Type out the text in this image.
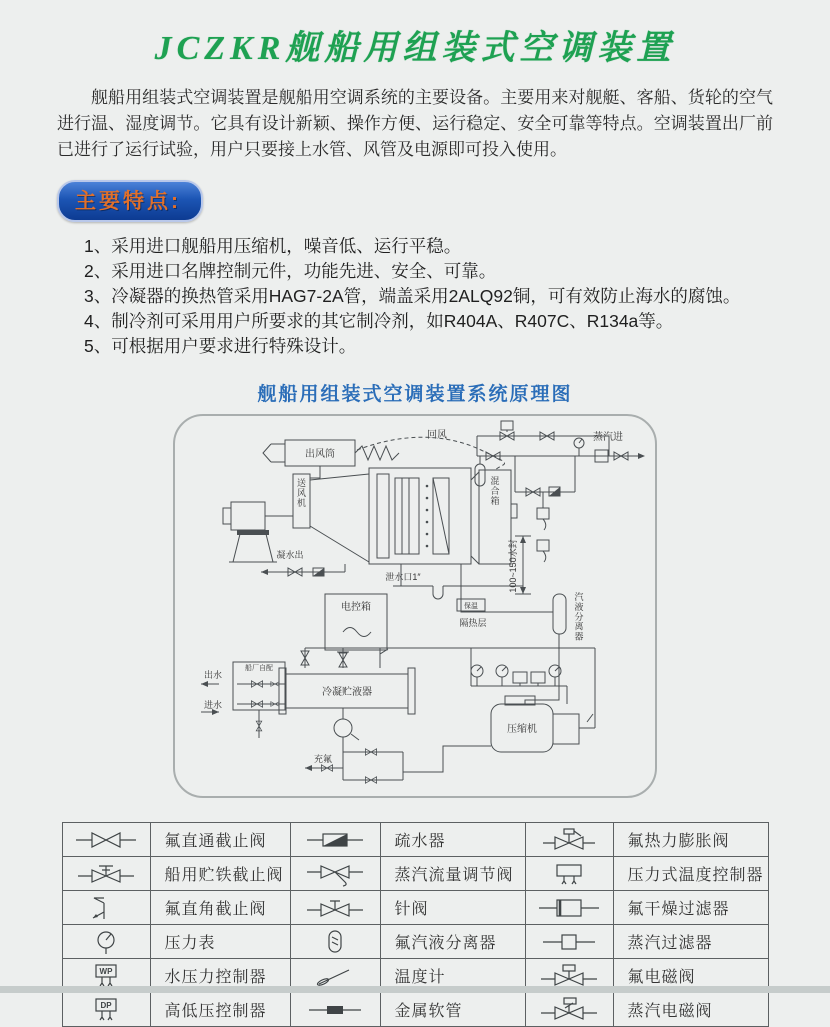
JCZKR舰船用组装式空调装置

舰船用组装式空调装置是舰船用空调系统的主要设备。主要用来对舰艇、客船、货轮的空气进行温、湿度调节。它具有设计新颖、操作方便、运行稳定、安全可靠等特点。空调装置出厂前已进行了运行试验，用户只要接上水管、风管及电源即可投入使用。

主要特点:
1、采用进口舰船用压缩机，噪音低、运行平稳。
2、采用进口名牌控制元件，功能先进、安全、可靠。
3、冷凝器的换热管采用HAG7-2A管，端盖采用2ALQ92铜，可有效防止海水的腐蚀。
4、制冷剂可采用用户所要求的其它制冷剂，如R404A、R407C、R134a等。
5、可根据用户要求进行特殊设计。
舰船用组装式空调装置系统原理图
出风筒
送风机
混合箱
回风	蒸汽进
凝水出
泄水口1″	100~150水封
保温
隔热层
汽液分离器
电控箱
冷凝贮液器
船厂自配
出水
进水
充氟
压缩机
	氟直通截止阀		疏水器		氟热力膨胀阀
	船用贮铁截止阀		蒸汽流量调节阀		压力式温度控制器
	氟直角截止阀		针阀		氟干燥过滤器
	压力表		氟汽液分离器		蒸汽过滤器

WP	水压力控制器		温度计		氟电磁阀

DP	高低压控制器		金属软管		蒸汽电磁阀
